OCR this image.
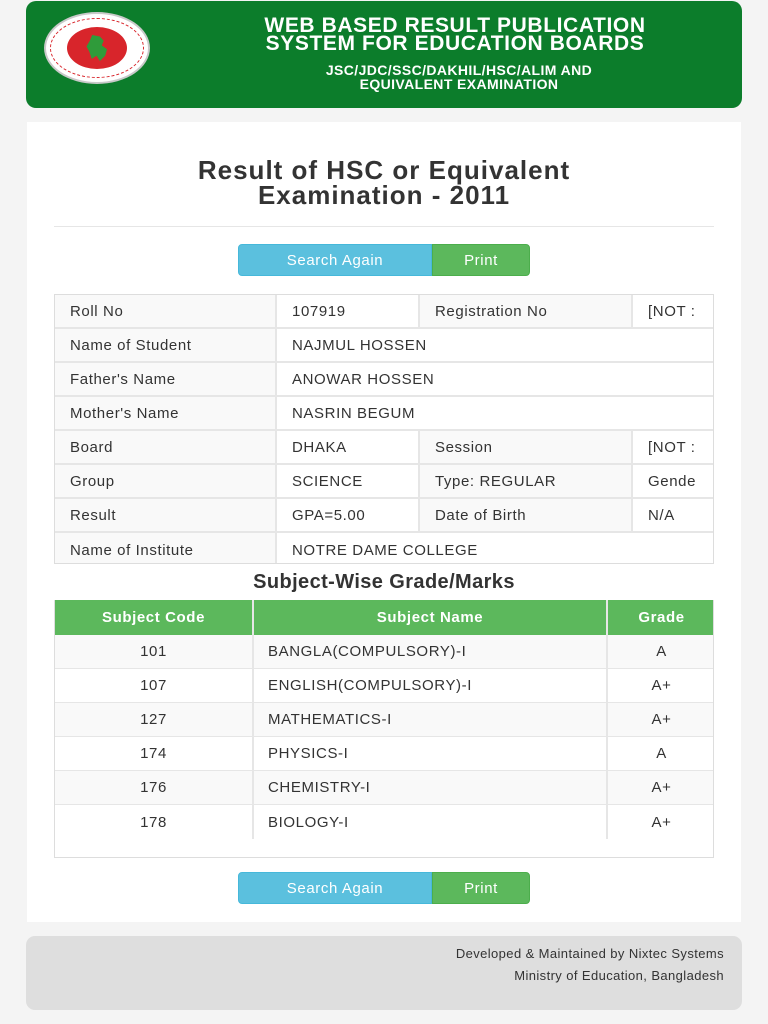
WEB BASED RESULT PUBLICATION
SYSTEM FOR EDUCATION BOARDS
JSC/JDC/SSC/DAKHIL/HSC/ALIM AND
EQUIVALENT EXAMINATION
Result of HSC or Equivalent
Examination - 2011
Search Again	Print
Roll No	107919	Registration No	[NOT :
Name of Student	NAJMUL HOSSEN
Father's Name	ANOWAR HOSSEN
Mother's Name	NASRIN BEGUM
Board	DHAKA	Session	[NOT :
Group	SCIENCE	Type: REGULAR	Gende
Result	GPA=5.00	Date of Birth	N/A
Name of Institute	NOTRE DAME COLLEGE
Subject-Wise Grade/Marks
Subject Code	Subject Name	Grade
101	BANGLA(COMPULSORY)-I	A
107	ENGLISH(COMPULSORY)-I	A+
127	MATHEMATICS-I	A+
174	PHYSICS-I	A
176	CHEMISTRY-I	A+
178	BIOLOGY-I	A+
Search Again	Print
Developed & Maintained by Nixtec Systems
Ministry of Education, Bangladesh
